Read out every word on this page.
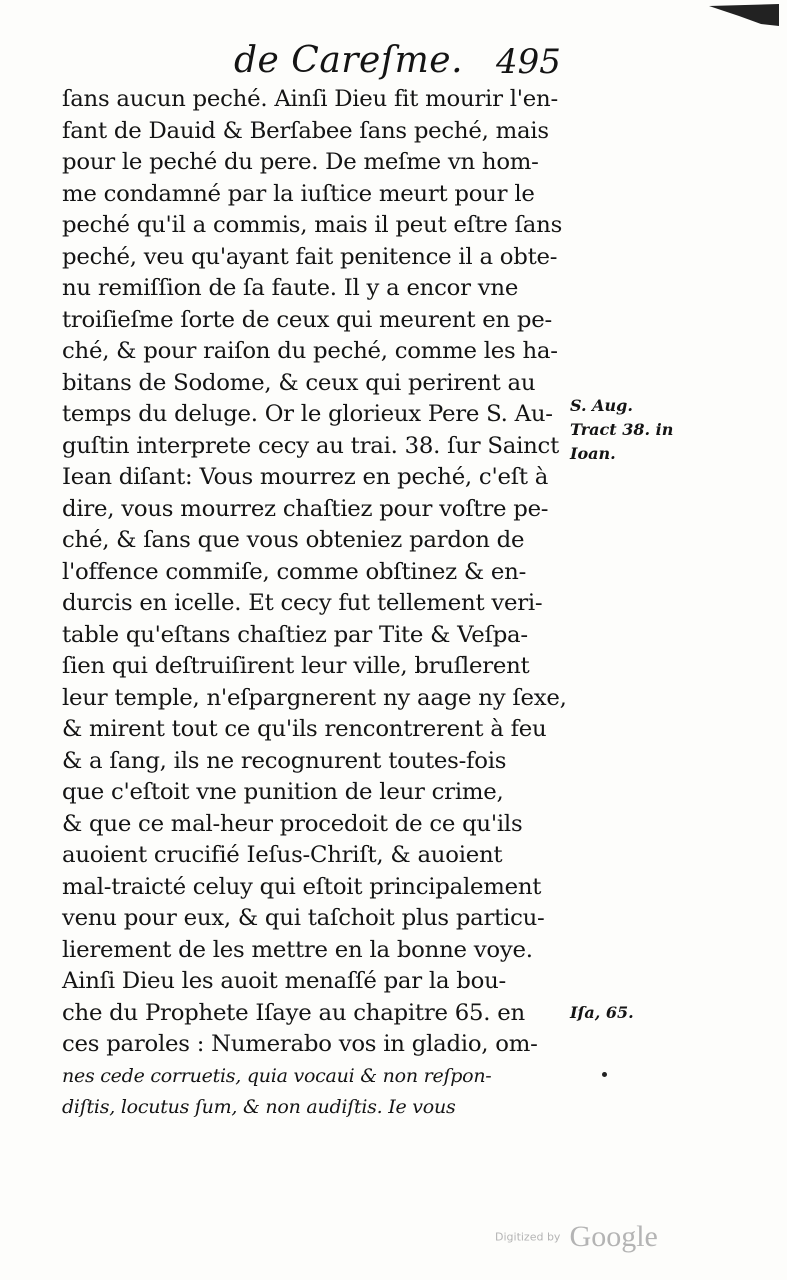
de Careſme. 495
ſans aucun peché. Ainſi Dieu fit mourir l'en-
fant de Dauid & Berſabee ſans peché, mais
pour le peché du pere. De meſme vn hom-
me condamné par la iuſtice meurt pour le
peché qu'il a commis, mais il peut eſtre ſans
peché, veu qu'ayant fait penitence il a obte-
nu remiſſion de ſa faute. Il y a encor vne
troiſieſme ſorte de ceux qui meurent en pe-
ché, & pour raiſon du peché, comme les ha-
bitans de Sodome, & ceux qui perirent au
temps du deluge. Or le glorieux Pere S. Au-
guſtin interprete cecy au trai. 38. ſur Sainct
Iean diſant: Vous mourrez en peché, c'eſt à
dire, vous mourrez chaſtiez pour voſtre pe-
ché, & ſans que vous obteniez pardon de
l'offence commiſe, comme obſtinez & en-
durcis en icelle. Et cecy fut tellement veri-
table qu'eſtans chaſtiez par Tite & Veſpa-
ſien qui deſtruiſirent leur ville, bruſlerent
leur temple, n'eſpargnerent ny aage ny ſexe,
& mirent tout ce qu'ils rencontrerent à feu
& a ſang, ils ne recognurent toutes-fois
que c'eſtoit vne punition de leur crime,
& que ce mal-heur procedoit de ce qu'ils
auoient crucifié Ieſus-Chriſt, & auoient
mal-traicté celuy qui eſtoit principalement
venu pour eux, & qui taſchoit plus particu-
lierement de les mettre en la bonne voye.
Ainſi Dieu les auoit menaſſé par la bou-
che du Prophete Iſaye au chapitre 65. en
ces paroles : Numerabo vos in gladio, om-
nes cede corruetis, quia vocaui & non reſpon-
diſtis, locutus ſum, & non audiſtis. Ie vous
S. Aug.
Tract 38. in
Ioan.
Iſa, 65.
Digitized by Google
